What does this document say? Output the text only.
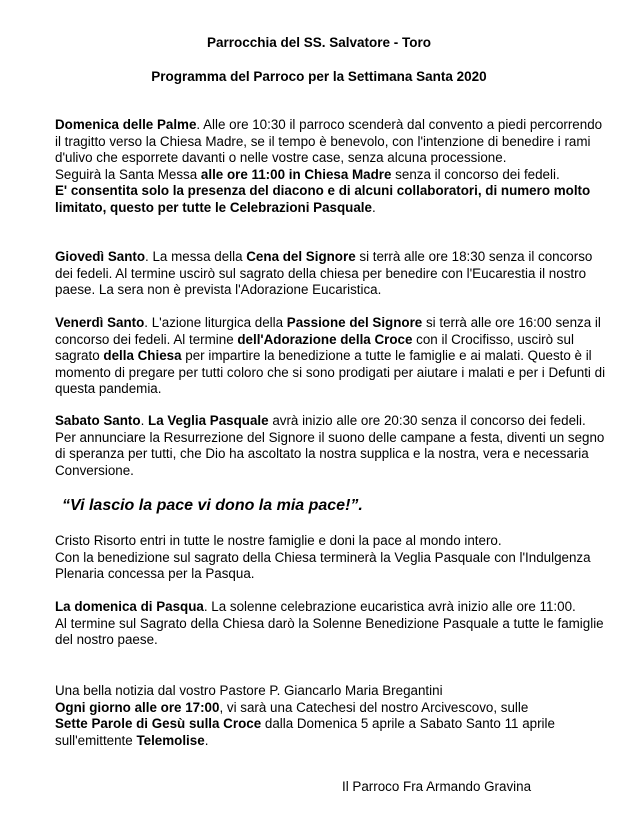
Parrocchia del SS. Salvatore - Toro
Programma del Parroco per la Settimana Santa 2020

Domenica delle Palme. Alle ore 10:30 il parroco scenderà dal convento a piedi percorrendo il tragitto verso la Chiesa Madre, se il tempo è benevolo, con l'intenzione di benedire i rami d'ulivo che esporrete davanti o nelle vostre case, senza alcuna processione.

Seguirà la Santa Messa alle ore 11:00 in Chiesa Madre senza il concorso dei fedeli.
E' consentita solo la presenza del diacono e di alcuni collaboratori, di numero molto limitato, questo per tutte le Celebrazioni Pasquale.

Giovedì Santo. La messa della Cena del Signore si terrà alle ore 18:30 senza il concorso dei fedeli. Al termine uscirò sul sagrato della chiesa per benedire con l'Eucarestia il nostro paese. La sera non è prevista l'Adorazione Eucaristica.

Venerdì Santo. L'azione liturgica della Passione del Signore si terrà alle ore 16:00 senza il concorso dei fedeli. Al termine dell'Adorazione della Croce con il Crocifisso, uscirò sul sagrato della Chiesa per impartire la benedizione a tutte le famiglie e ai malati. Questo è il momento di pregare per tutti coloro che si sono prodigati per aiutare i malati e per i Defunti di questa pandemia.

Sabato Santo. La Veglia Pasquale avrà inizio alle ore 20:30 senza il concorso dei fedeli. Per annunciare la Resurrezione del Signore il suono delle campane a festa, diventi un segno di speranza per tutti, che Dio ha ascoltato la nostra supplica e la nostra, vera e necessaria Conversione.

“Vi lascio la pace vi dono la mia pace!”.

Cristo Risorto entri in tutte le nostre famiglie e doni la pace al mondo intero.

Con la benedizione sul sagrato della Chiesa terminerà la Veglia Pasquale con l'Indulgenza Plenaria concessa per la Pasqua.

La domenica di Pasqua. La solenne celebrazione eucaristica avrà inizio alle ore 11:00.

Al termine sul Sagrato della Chiesa darò la Solenne Benedizione Pasquale a tutte le famiglie del nostro paese.

Una bella notizia dal vostro Pastore P. Giancarlo Maria Bregantini

Ogni giorno alle ore 17:00, vi sarà una Catechesi del nostro Arcivescovo, sulle
Sette Parole di Gesù sulla Croce dalla Domenica 5 aprile a Sabato Santo 11 aprile sull'emittente Telemolise.

Il Parroco Fra Armando Gravina
